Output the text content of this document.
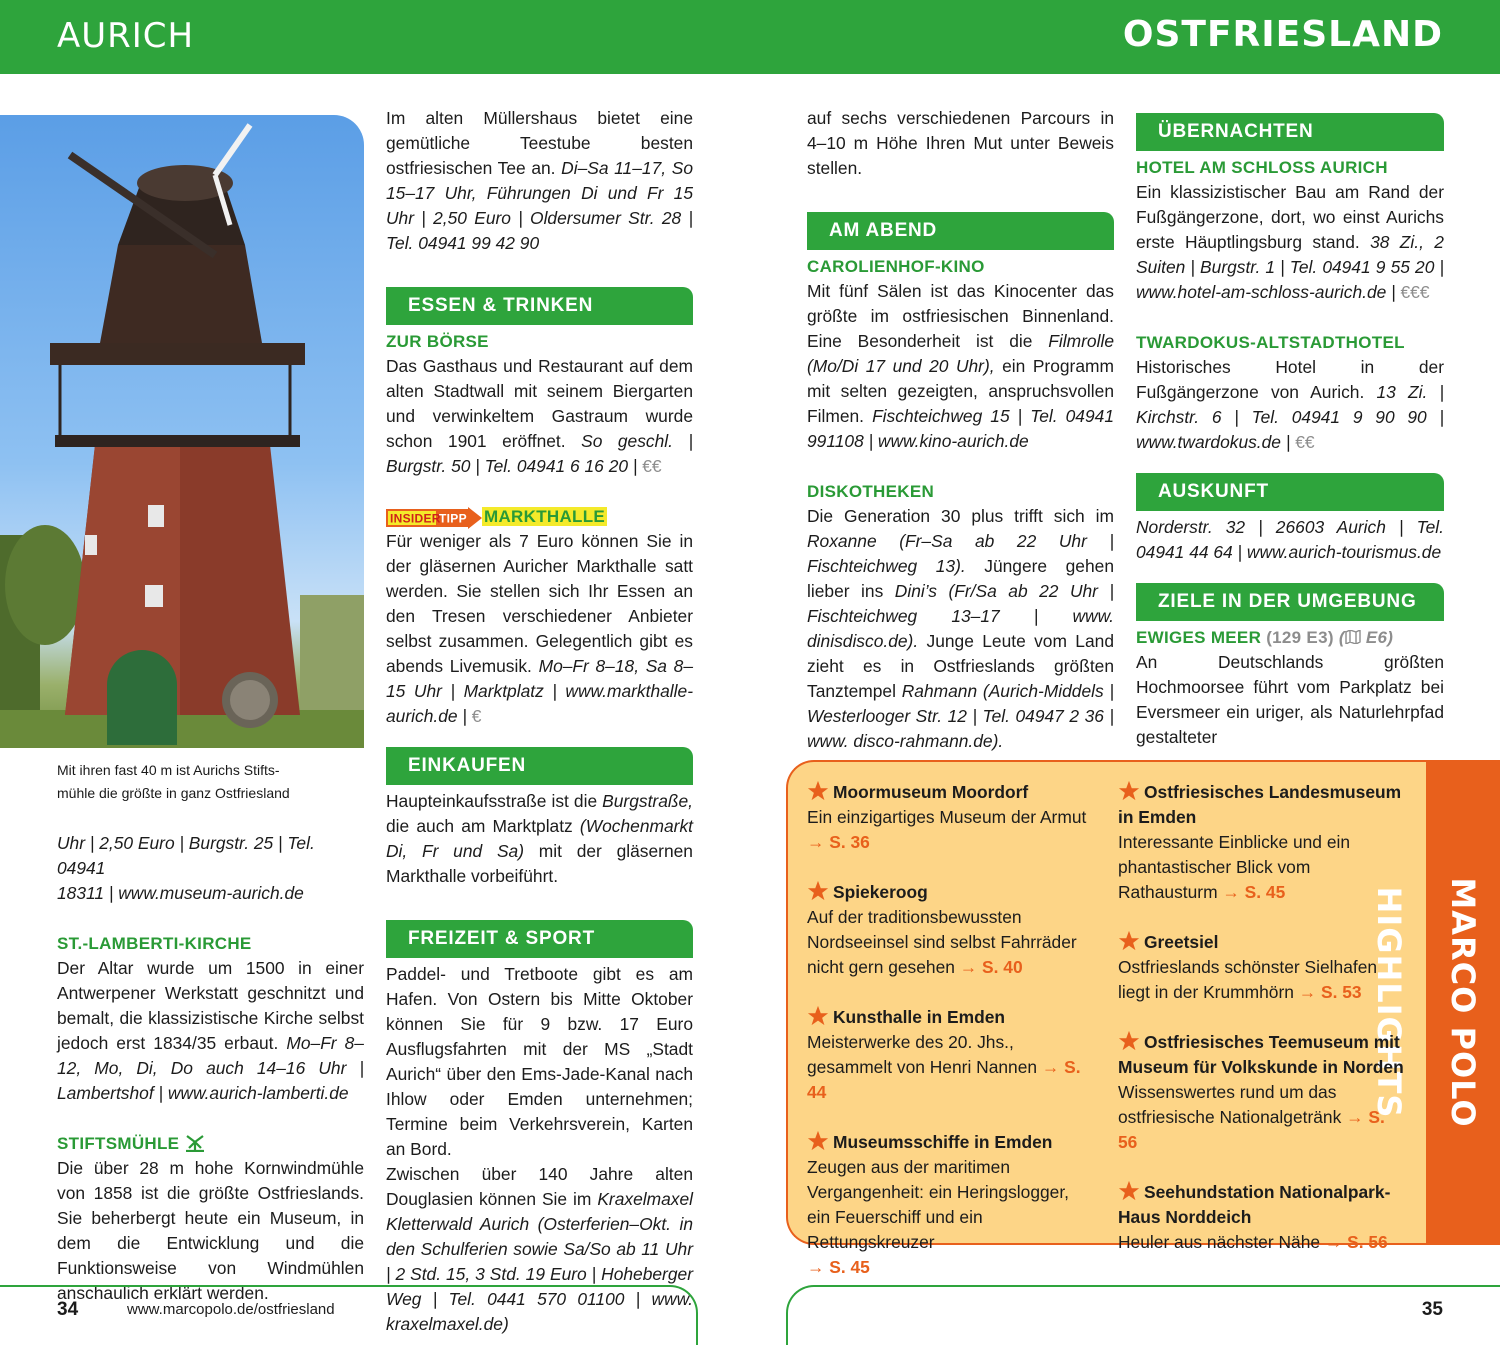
AURICH	OSTFRIESLAND
Mit ihren fast 40 m ist Aurichs Stifts-
mühle die größte in ganz Ostfriesland

Uhr | 2,50 Euro | Burgstr. 25 | Tel. 04941

18311 | www.museum-aurich.de

ST.-LAMBERTI-KIRCHE

Der Altar wurde um 1500 in einer Antwerpener Werkstatt geschnitzt und bemalt, die klassizistische Kirche selbst jedoch erst 1834/35 erbaut. Mo–Fr 8–12, Mo, Di, Do auch 14–16 Uhr | Lambertshof | www.aurich-lamberti.de

STIFTSMÜHLE

Die über 28 m hohe Kornwindmühle von 1858 ist die größte Ostfrieslands. Sie beherbergt heute ein Museum, in dem die Entwicklung und die Funktionsweise von Windmühlen anschaulich erklärt werden.

Im alten Müllershaus bietet eine gemütliche Teestube besten ostfriesischen Tee an. Di–Sa 11–17, So 15–17 Uhr, Führungen Di und Fr 15 Uhr | 2,50 Euro | Oldersumer Str. 28 | Tel. 04941 99 42 90

ESSEN & TRINKEN
ZUR BÖRSE

Das Gasthaus und Restaurant auf dem alten Stadtwall mit seinem Biergarten und verwinkeltem Gastraum wurde schon 1901 eröffnet. So geschl. | Burgstr. 50 | Tel. 04941 6 16 20 | €€

INSIDER
TIPP MARKTHALLE

Für weniger als 7 Euro können Sie in der gläsernen Auricher Markthalle satt werden. Sie stellen sich Ihr Essen an den Tresen verschiedener Anbieter selbst zusammen. Gelegentlich gibt es abends Livemusik. Mo–Fr 8–18, Sa 8–15 Uhr | Marktplatz | www.markthalle-aurich.de | €

EINKAUFEN

Haupteinkaufsstraße ist die Burgstraße, die auch am Marktplatz (Wochenmarkt Di, Fr und Sa) mit der gläsernen Markthalle vorbeiführt.

FREIZEIT & SPORT

Paddel- und Tretboote gibt es am Hafen. Von Ostern bis Mitte Oktober können Sie für 9 bzw. 17 Euro Ausflugsfahrten mit der MS „Stadt Aurich“ über den Ems-Jade-Kanal nach Ihlow oder Emden unternehmen; Termine beim Verkehrsverein, Karten an Bord.

Zwischen über 140 Jahre alten Douglasien können Sie im Kraxelmaxel Kletterwald Aurich (Osterferien–Okt. in den Schulferien sowie Sa/So ab 11 Uhr | 2 Std. 15, 3 Std. 19 Euro | Hoheberger Weg | Tel. 0441 570 01100 | www. kraxelmaxel.de)

auf sechs verschiedenen Parcours in 4–10 m Höhe Ihren Mut unter Beweis stellen.

AM ABEND
CAROLIENHOF-KINO

Mit fünf Sälen ist das Kinocenter das größte im ostfriesischen Binnenland. Eine Besonderheit ist die Filmrolle (Mo/Di 17 und 20 Uhr), ein Programm mit selten gezeigten, anspruchsvollen Filmen. Fischteichweg 15 | Tel. 04941 991108 | www.kino-aurich.de

DISKOTHEKEN

Die Generation 30 plus trifft sich im Roxanne (Fr–Sa ab 22 Uhr | Fischteichweg 13). Jüngere gehen lieber ins Dini’s (Fr/Sa ab 22 Uhr | Fischteichweg 13–17 | www. dinisdisco.de). Junge Leute vom Land zieht es in Ostfrieslands größten Tanztempel Rahmann (Aurich-Middels | Westerlooger Str. 12 | Tel. 04947 2 36 | www. disco-rahmann.de).

ÜBERNACHTEN
HOTEL AM SCHLOSS AURICH

Ein klassizistischer Bau am Rand der Fußgängerzone, dort, wo einst Aurichs erste Häuptlingsburg stand. 38 Zi., 2 Suiten | Burgstr. 1 | Tel. 04941 9 55 20 | www.hotel-am-schloss-aurich.de | €€€

TWARDOKUS-ALTSTADTHOTEL

Historisches Hotel in der Fußgängerzone von Aurich. 13 Zi. | Kirchstr. 6 | Tel. 04941 9 90 90 | www.twardokus.de | €€

AUSKUNFT

Norderstr. 32 | 26603 Aurich | Tel. 04941 44 64 | www.aurich-tourismus.de

ZIELE IN DER UMGEBUNG
EWIGES MEER (129 E3) ( E6)

An Deutschlands größten Hochmoorsee führt vom Parkplatz bei Eversmeer ein uriger, als Naturlehrpfad gestalteter

MARCO POLO HIGHLIGHTS
Moormuseum Moordorf
Ein einzigartiges Museum der Armut
→ S. 36
Spiekeroog
Auf der traditionsbewussten Nordseeinsel sind selbst Fahrräder nicht gern gesehen → S. 40
Kunsthalle in Emden
Meisterwerke des 20. Jhs., gesammelt von Henri Nannen → S. 44
Museumsschiffe in Emden
Zeugen aus der maritimen Vergangenheit: ein Heringslogger, ein Feuerschiff und ein Rettungskreuzer
→ S. 45
Ostfriesisches Landesmuseum in Emden
Interessante Einblicke und ein phantastischer Blick vom Rathausturm → S. 45
Greetsiel
Ostfrieslands schönster Sielhafen liegt in der Krummhörn → S. 53
Ostfriesisches Teemuseum mit Museum für Volkskunde in Norden
Wissenswertes rund um das ostfriesische Nationalgetränk → S. 56
Seehundstation Nationalpark-Haus Norddeich
Heuler aus nächster Nähe → S. 56
34	www.marcopolo.de/ostfriesland	35
